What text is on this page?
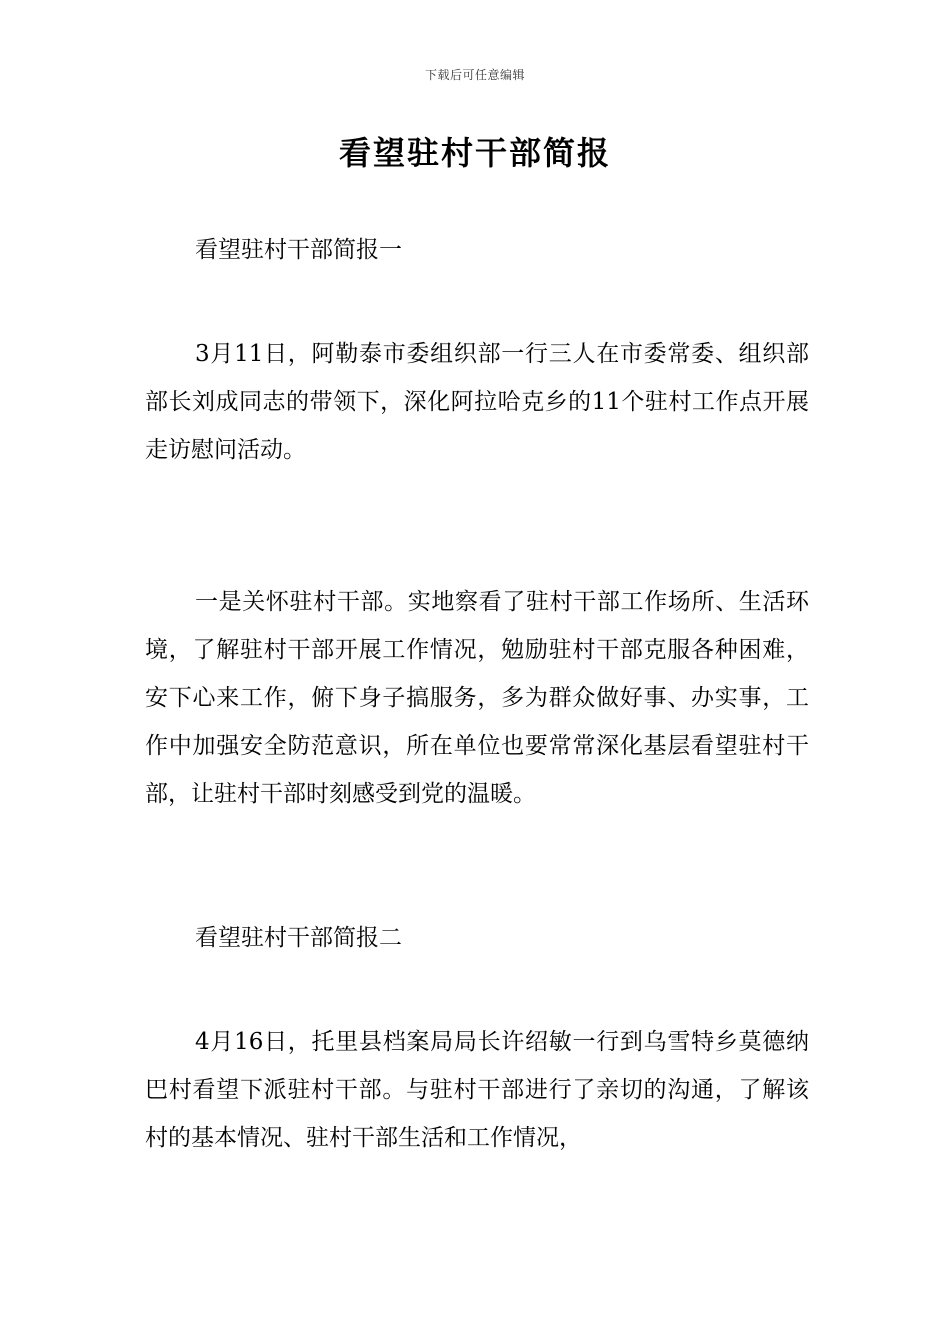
下载后可任意编辑
看望驻村干部简报

看望驻村干部简报一

3月11日，阿勒泰市委组织部一行三人在市委常委、组织部部长刘成同志的带领下，深化阿拉哈克乡的11个驻村工作点开展走访慰问活动。

一是关怀驻村干部。实地察看了驻村干部工作场所、生活环境，了解驻村干部开展工作情况，勉励驻村干部克服各种困难，安下心来工作，俯下身子搞服务，多为群众做好事、办实事，工作中加强安全防范意识，所在单位也要常常深化基层看望驻村干部，让驻村干部时刻感受到党的温暖。

看望驻村干部简报二

4月16日，托里县档案局局长许绍敏一行到乌雪特乡莫德纳巴村看望下派驻村干部。与驻村干部进行了亲切的沟通，了解该村的基本情况、驻村干部生活和工作情况，
